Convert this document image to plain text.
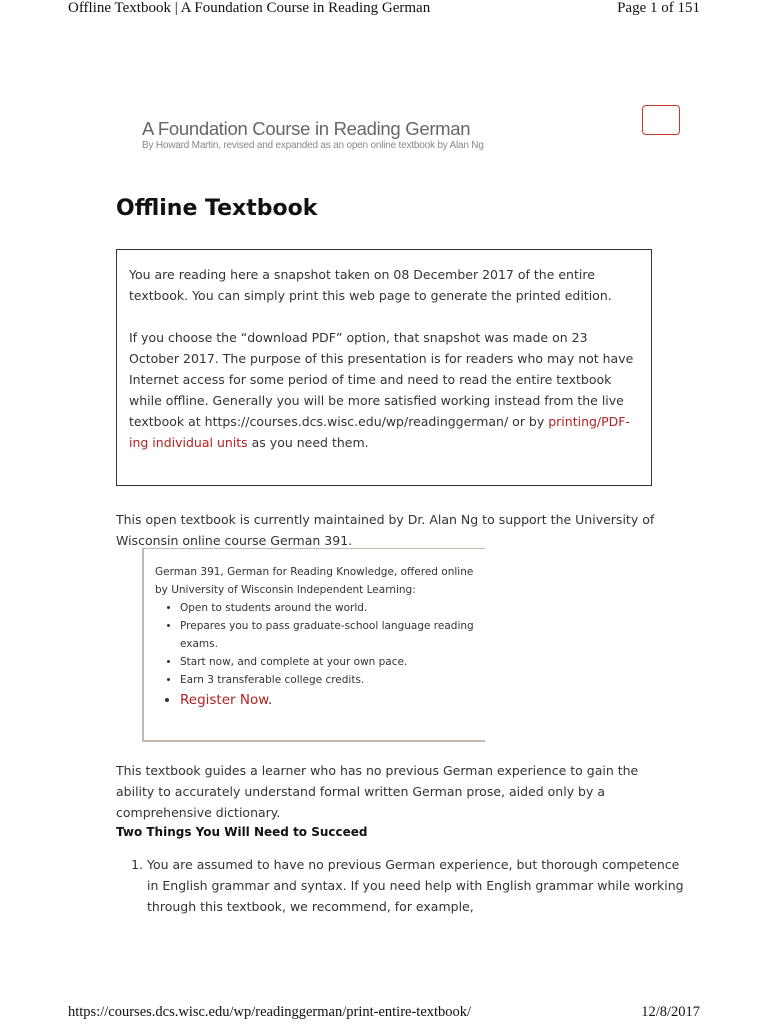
Offline Textbook | A Foundation Course in Reading German	Page 1 of 151
A Foundation Course in Reading German
By Howard Martin, revised and expanded as an open online textbook by Alan Ng
Offline Textbook

You are reading here a snapshot taken on 08 December 2017 of the entire textbook. You can simply print this web page to generate the printed edition.

If you choose the “download PDF” option, that snapshot was made on 23 October 2017. The purpose of this presentation is for readers who may not have Internet access for some period of time and need to read the entire textbook while offline. Generally you will be more satisfied working instead from the live textbook at https://courses.dcs.wisc.edu/wp/readinggerman/ or by printing/PDF-ing individual units as you need them.

This open textbook is currently maintained by Dr. Alan Ng to support the University of Wisconsin online course German 391.

German 391, German for Reading Knowledge, offered online by University of Wisconsin Independent Learning:

• Open to students around the world.
• Prepares you to pass graduate-school language reading exams.
• Start now, and complete at your own pace.
• Earn 3 transferable college credits.
• Register Now.

This textbook guides a learner who has no previous German experience to gain the ability to accurately understand formal written German prose, aided only by a comprehensive dictionary.

Two Things You Will Need to Succeed

1. You are assumed to have no previous German experience, but thorough competence in English grammar and syntax. If you need help with English grammar while working through this textbook, we recommend, for example,
https://courses.dcs.wisc.edu/wp/readinggerman/print-entire-textbook/	12/8/2017
